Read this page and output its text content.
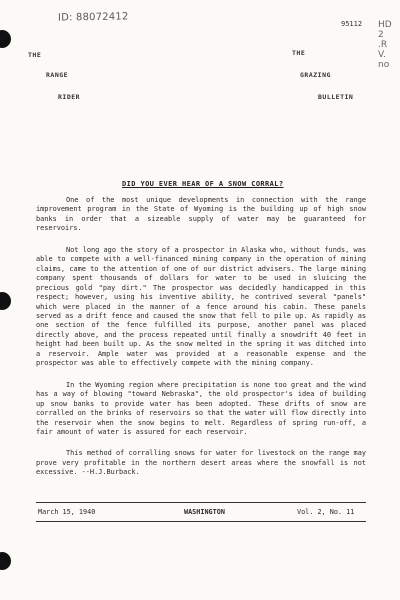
ID: 88072412
95112 HD
2
.R
V.
no
THE
RANGE
RIDER
THE
GRAZING
BULLETIN
DID YOU EVER HEAR OF A SNOW CORRAL?

One of the most unique developments in connection with the range improvement program in the State of Wyoming is the building up of high snow banks in order that a sizeable supply of water may be guaranteed for reservoirs.

Not long ago the story of a prospector in Alaska who, without funds, was able to compete with a well-financed mining company in the operation of mining claims, came to the attention of one of our district advisers. The large mining company spent thousands of dollars for water to be used in sluicing the precious gold "pay dirt." The prospector was decidedly handicapped in this respect; however, using his inventive ability, he contrived several "panels" which were placed in the manner of a fence around his cabin. These panels served as a drift fence and caused the snow that fell to pile up. As rapidly as one section of the fence fulfilled its purpose, another panel was placed directly above, and the process repeated until finally a snowdrift 40 feet in height had been built up. As the snow melted in the spring it was ditched into a reservoir. Ample water was provided at a reasonable expense and the prospector was able to effectively compete with the mining company.

In the Wyoming region where precipitation is none too great and the wind has a way of blowing "toward Nebraska", the old prospector's idea of building up snow banks to provide water has been adopted. These drifts of snow are corralled on the brinks of reservoirs so that the water will flow directly into the reservoir when the snow begins to melt. Regardless of spring run-off, a fair amount of water is assured for each reservoir.

This method of corralling snows for water for livestock on the range may prove very profitable in the northern desert areas where the snowfall is not excessive. --H.J.Burback.

March 15, 1940	WASHINGTON	Vol. 2, No. 11
